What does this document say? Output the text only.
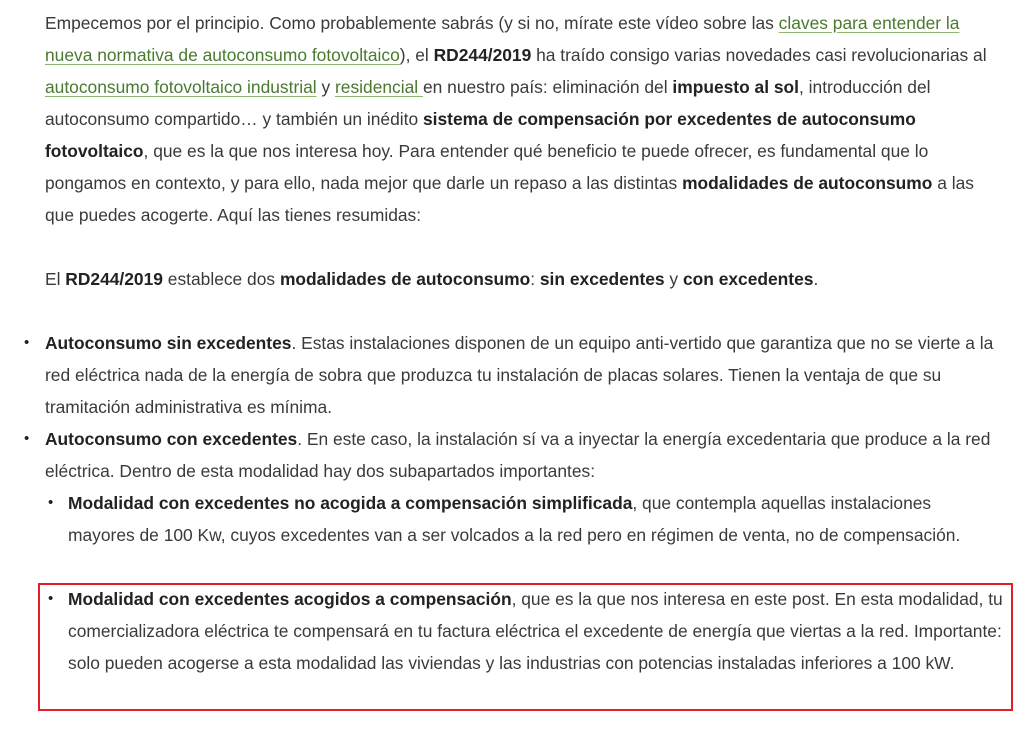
Empecemos por el principio. Como probablemente sabrás (y si no, mírate este vídeo sobre las claves para entender la nueva normativa de autoconsumo fotovoltaico), el RD244/2019 ha traído consigo varias novedades casi revolucionarias al autoconsumo fotovoltaico industrial y residencial en nuestro país: eliminación del impuesto al sol, introducción del autoconsumo compartido… y también un inédito sistema de compensación por excedentes de autoconsumo fotovoltaico, que es la que nos interesa hoy. Para entender qué beneficio te puede ofrecer, es fundamental que lo pongamos en contexto, y para ello, nada mejor que darle un repaso a las distintas modalidades de autoconsumo a las que puedes acogerte. Aquí las tienes resumidas:

El RD244/2019 establece dos modalidades de autoconsumo: sin excedentes y con excedentes.

• Autoconsumo sin excedentes. Estas instalaciones disponen de un equipo anti-vertido que garantiza que no se vierte a la red eléctrica nada de la energía de sobra que produzca tu instalación de placas solares. Tienen la ventaja de que su tramitación administrativa es mínima.
• Autoconsumo con excedentes. En este caso, la instalación sí va a inyectar la energía excedentaria que produce a la red eléctrica. Dentro de esta modalidad hay dos subapartados importantes:
• Modalidad con excedentes no acogida a compensación simplificada, que contempla aquellas instalaciones mayores de 100 Kw, cuyos excedentes van a ser volcados a la red pero en régimen de venta, no de compensación.
• Modalidad con excedentes acogidos a compensación, que es la que nos interesa en este post. En esta modalidad, tu comercializadora eléctrica te compensará en tu factura eléctrica el excedente de energía que viertas a la red. Importante: solo pueden acogerse a esta modalidad las viviendas y las industrias con potencias instaladas inferiores a 100 kW.
